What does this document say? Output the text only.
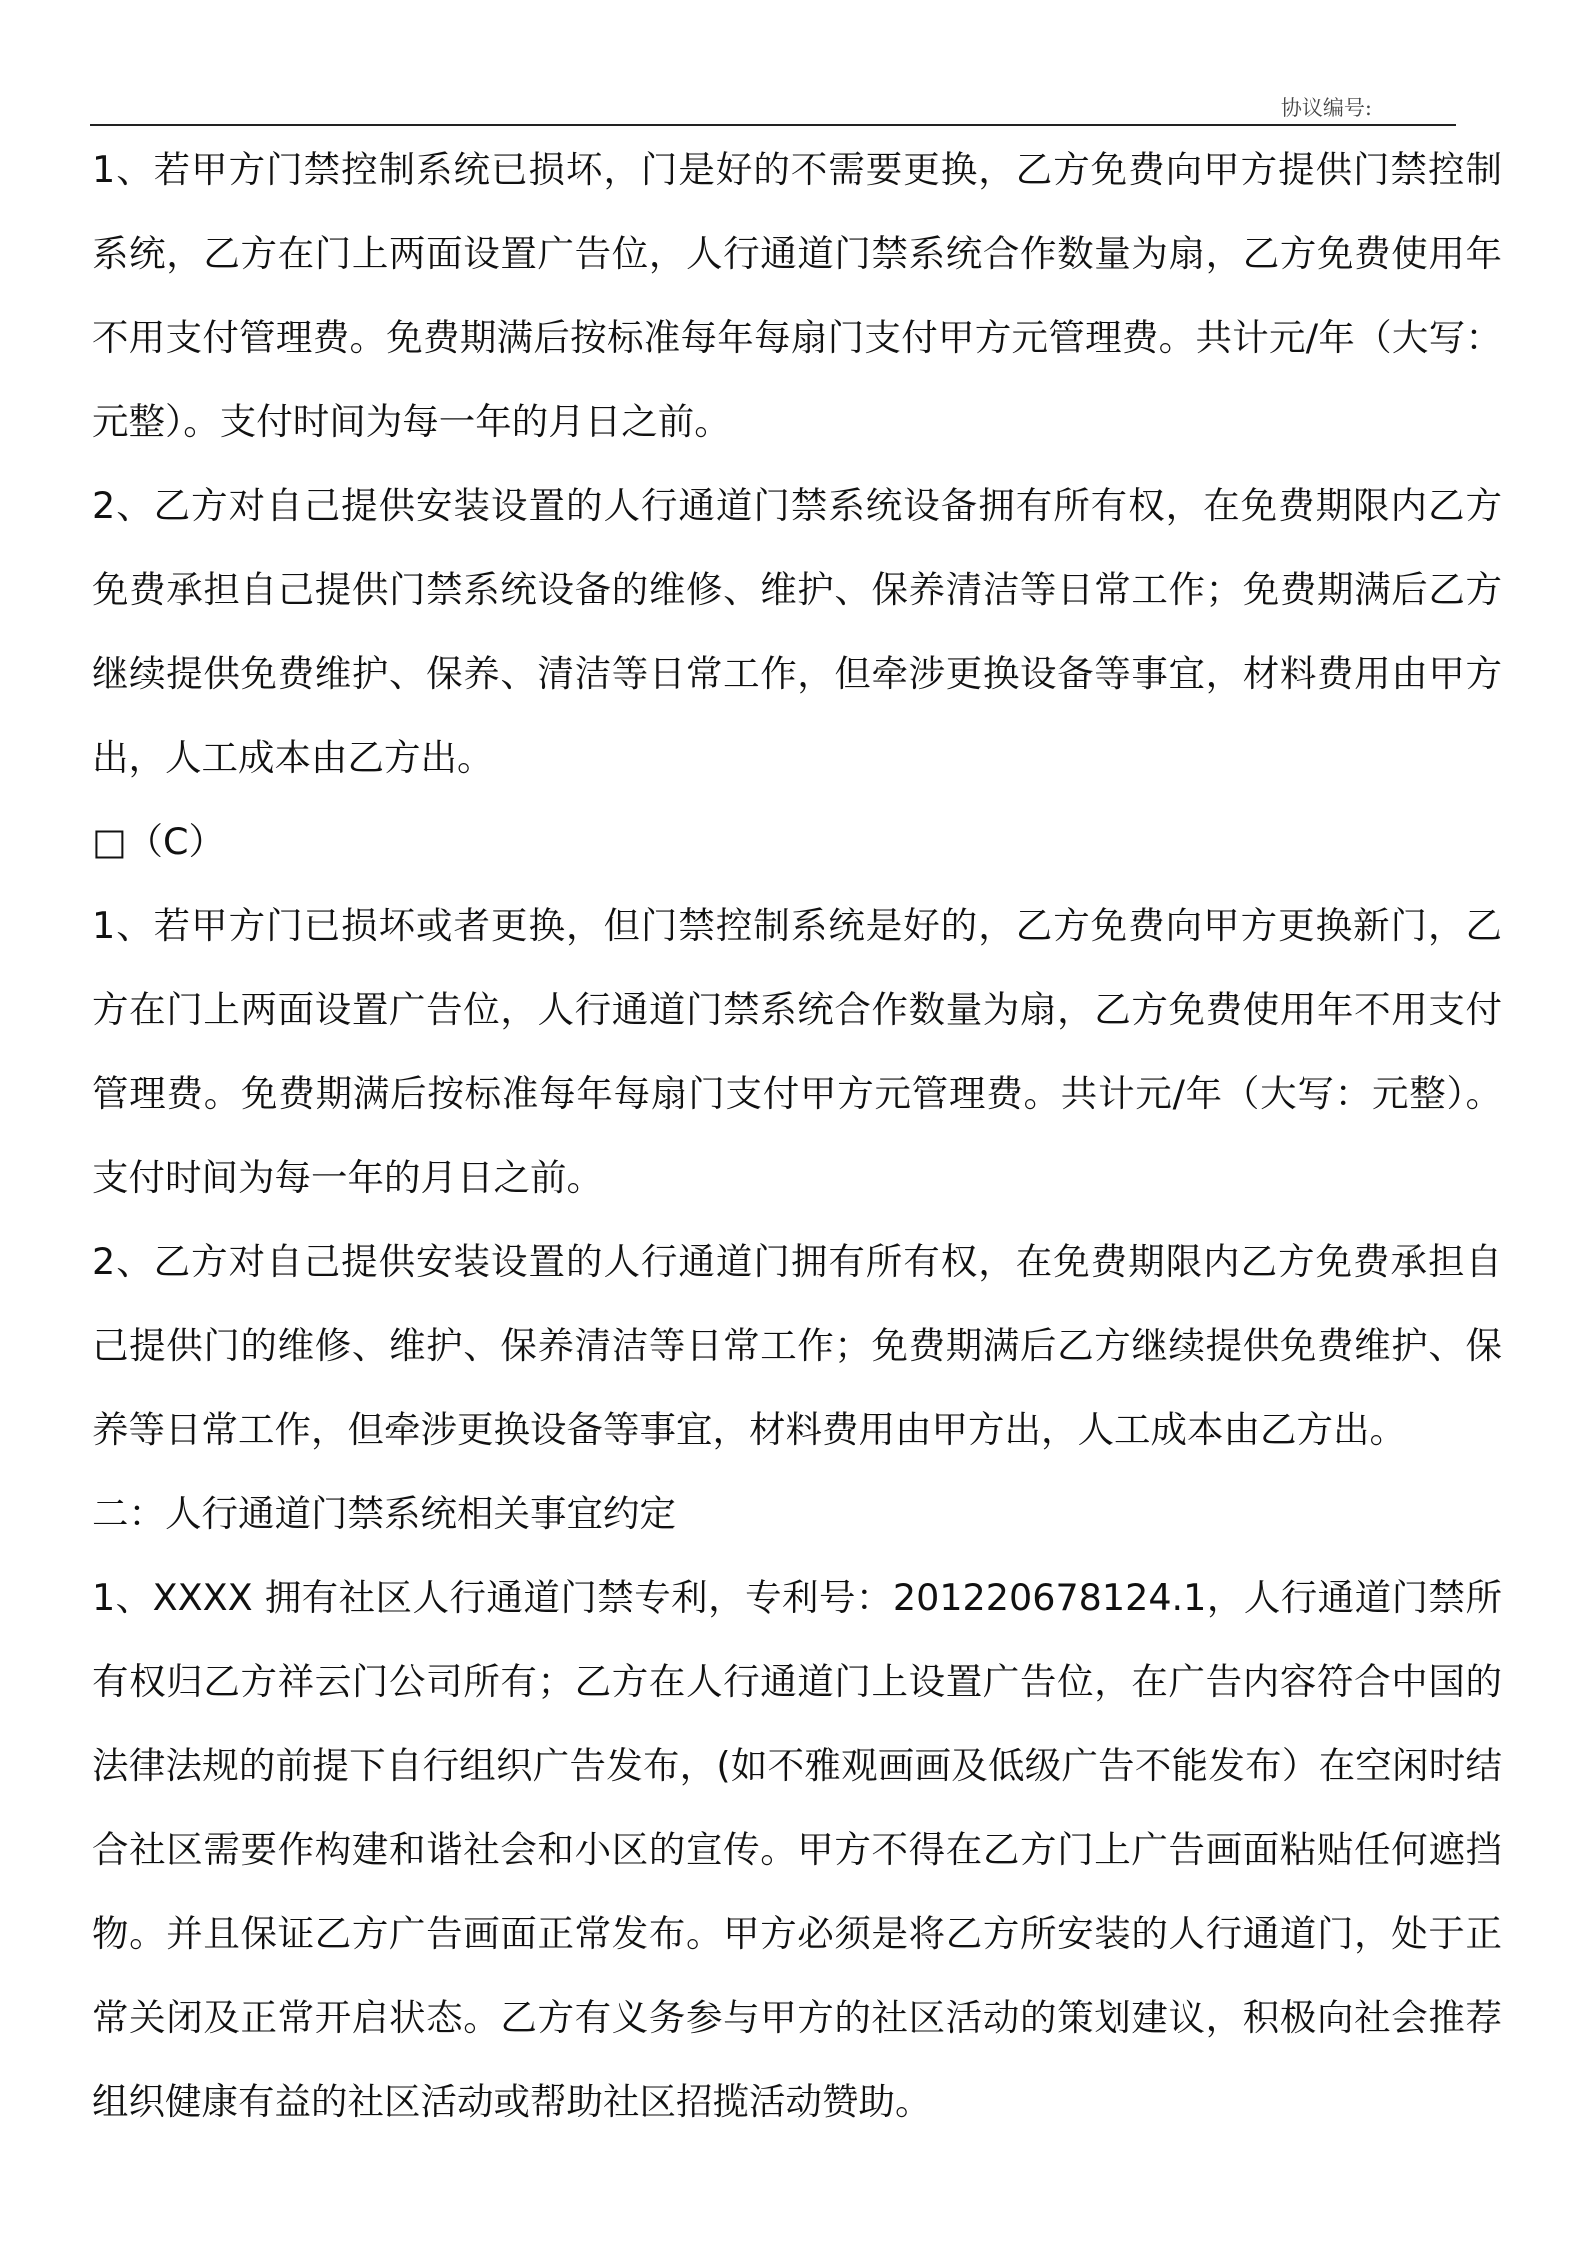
协议编号:

1、若甲方门禁控制系统已损坏，门是好的不需要更换，乙方免费向甲方提供门禁控制系统，乙方在门上两面设置广告位，人行通道门禁系统合作数量为扇，乙方免费使用年不用支付管理费。免费期满后按标准每年每扇门支付甲方元管理费。共计元/年（大写：元整）。支付时间为每一年的月日之前。

2、乙方对自己提供安装设置的人行通道门禁系统设备拥有所有权，在免费期限内乙方免费承担自己提供门禁系统设备的维修、维护、保养清洁等日常工作；免费期满后乙方继续提供免费维护、保养、清洁等日常工作，但牵涉更换设备等事宜，材料费用由甲方出，人工成本由乙方出。

□（C）

1、若甲方门已损坏或者更换，但门禁控制系统是好的，乙方免费向甲方更换新门，乙方在门上两面设置广告位，人行通道门禁系统合作数量为扇，乙方免费使用年不用支付管理费。免费期满后按标准每年每扇门支付甲方元管理费。共计元/年（大写：元整）。支付时间为每一年的月日之前。

2、乙方对自己提供安装设置的人行通道门拥有所有权，在免费期限内乙方免费承担自己提供门的维修、维护、保养清洁等日常工作；免费期满后乙方继续提供免费维护、保养等日常工作，但牵涉更换设备等事宜，材料费用由甲方出，人工成本由乙方出。

二：人行通道门禁系统相关事宜约定

1、XXXX 拥有社区人行通道门禁专利，专利号：201220678124.1，人行通道门禁所有权归乙方祥云门公司所有；乙方在人行通道门上设置广告位，在广告内容符合中国的法律法规的前提下自行组织广告发布，(如不雅观画画及低级广告不能发布）在空闲时结合社区需要作构建和谐社会和小区的宣传。甲方不得在乙方门上广告画面粘贴任何遮挡物。并且保证乙方广告画面正常发布。甲方必须是将乙方所安装的人行通道门，处于正常关闭及正常开启状态。乙方有义务参与甲方的社区活动的策划建议，积极向社会推荐组织健康有益的社区活动或帮助社区招揽活动赞助。
